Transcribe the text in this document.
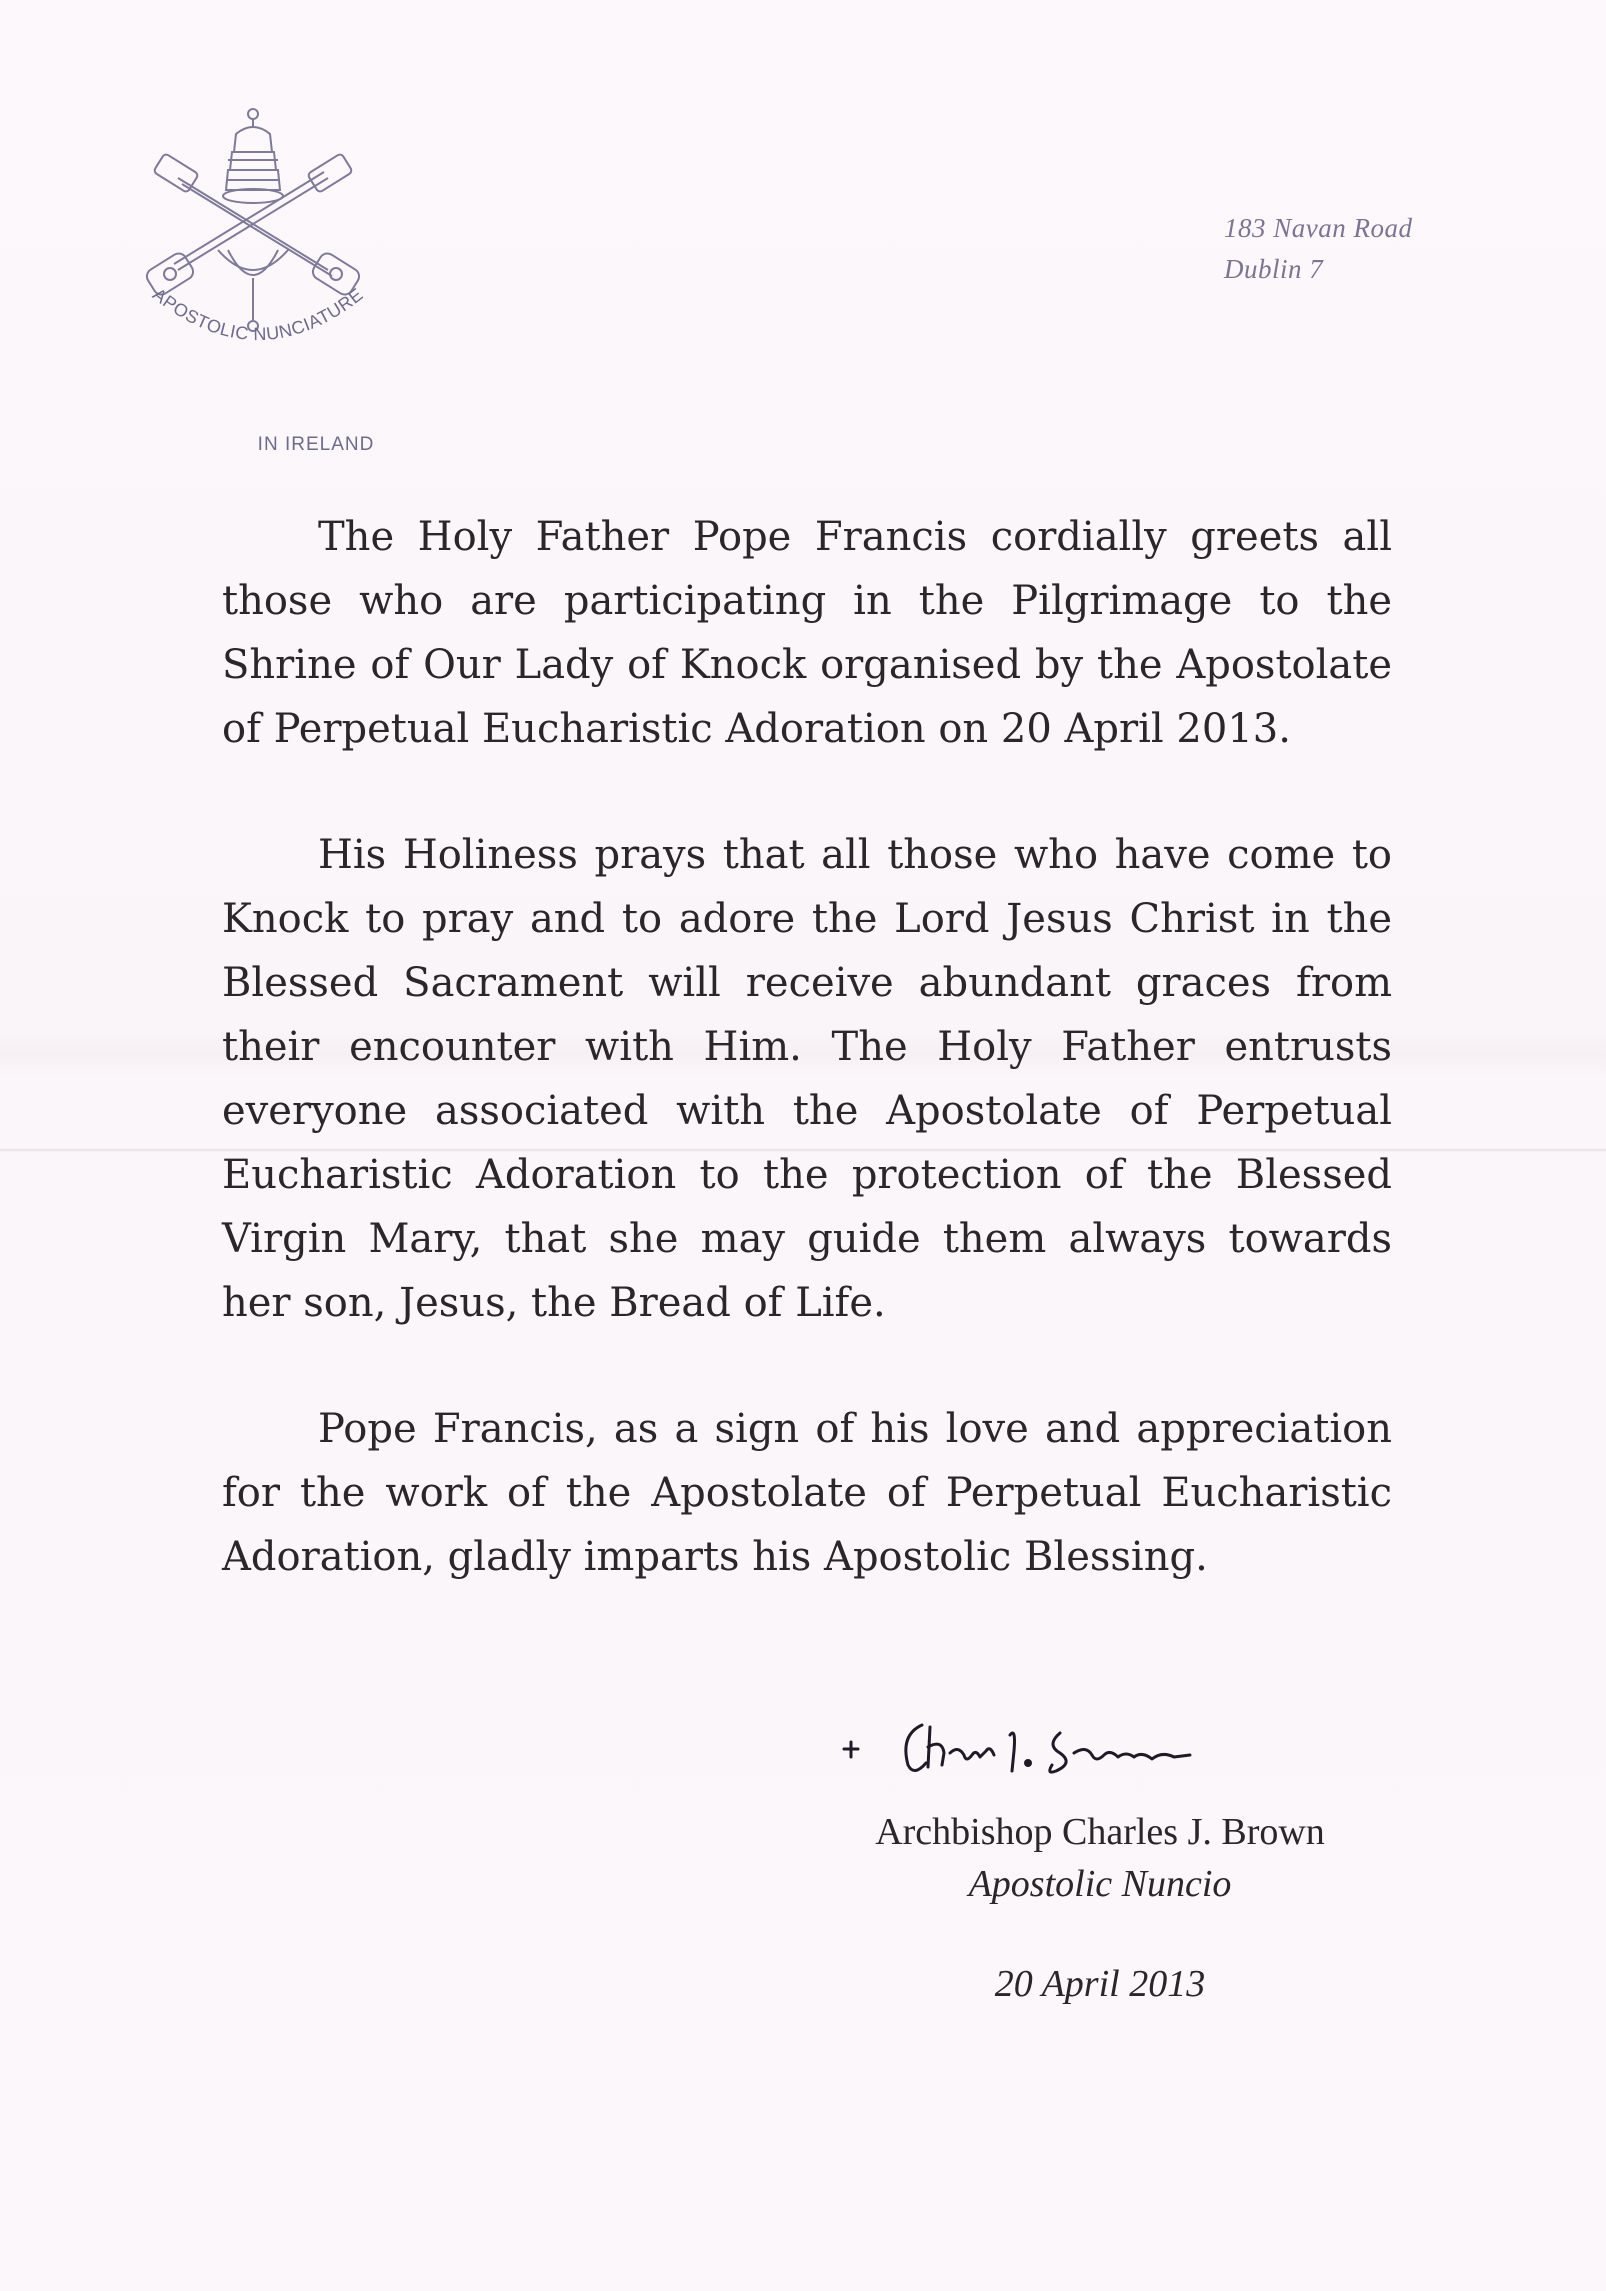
APOSTOLIC NUNCIATURE
IN IRELAND
183 Navan Road
Dublin 7

The Holy Father Pope Francis cordially greets all those who are participating in the Pilgrimage to the Shrine of Our Lady of Knock organised by the Apostolate of Perpetual Eucharistic Adoration on 20 April 2013.

His Holiness prays that all those who have come to Knock to pray and to adore the Lord Jesus Christ in the Blessed Sacrament will receive abundant graces from their encounter with Him. The Holy Father entrusts everyone associated with the Apostolate of Perpetual Eucharistic Adoration to the protection of the Blessed Virgin Mary, that she may guide them always towards her son, Jesus, the Bread of Life.

Pope Francis, as a sign of his love and appreciation for the work of the Apostolate of Perpetual Eucharistic Adoration, gladly imparts his Apostolic Blessing.

Archbishop Charles J. Brown
Apostolic Nuncio
20 April 2013
